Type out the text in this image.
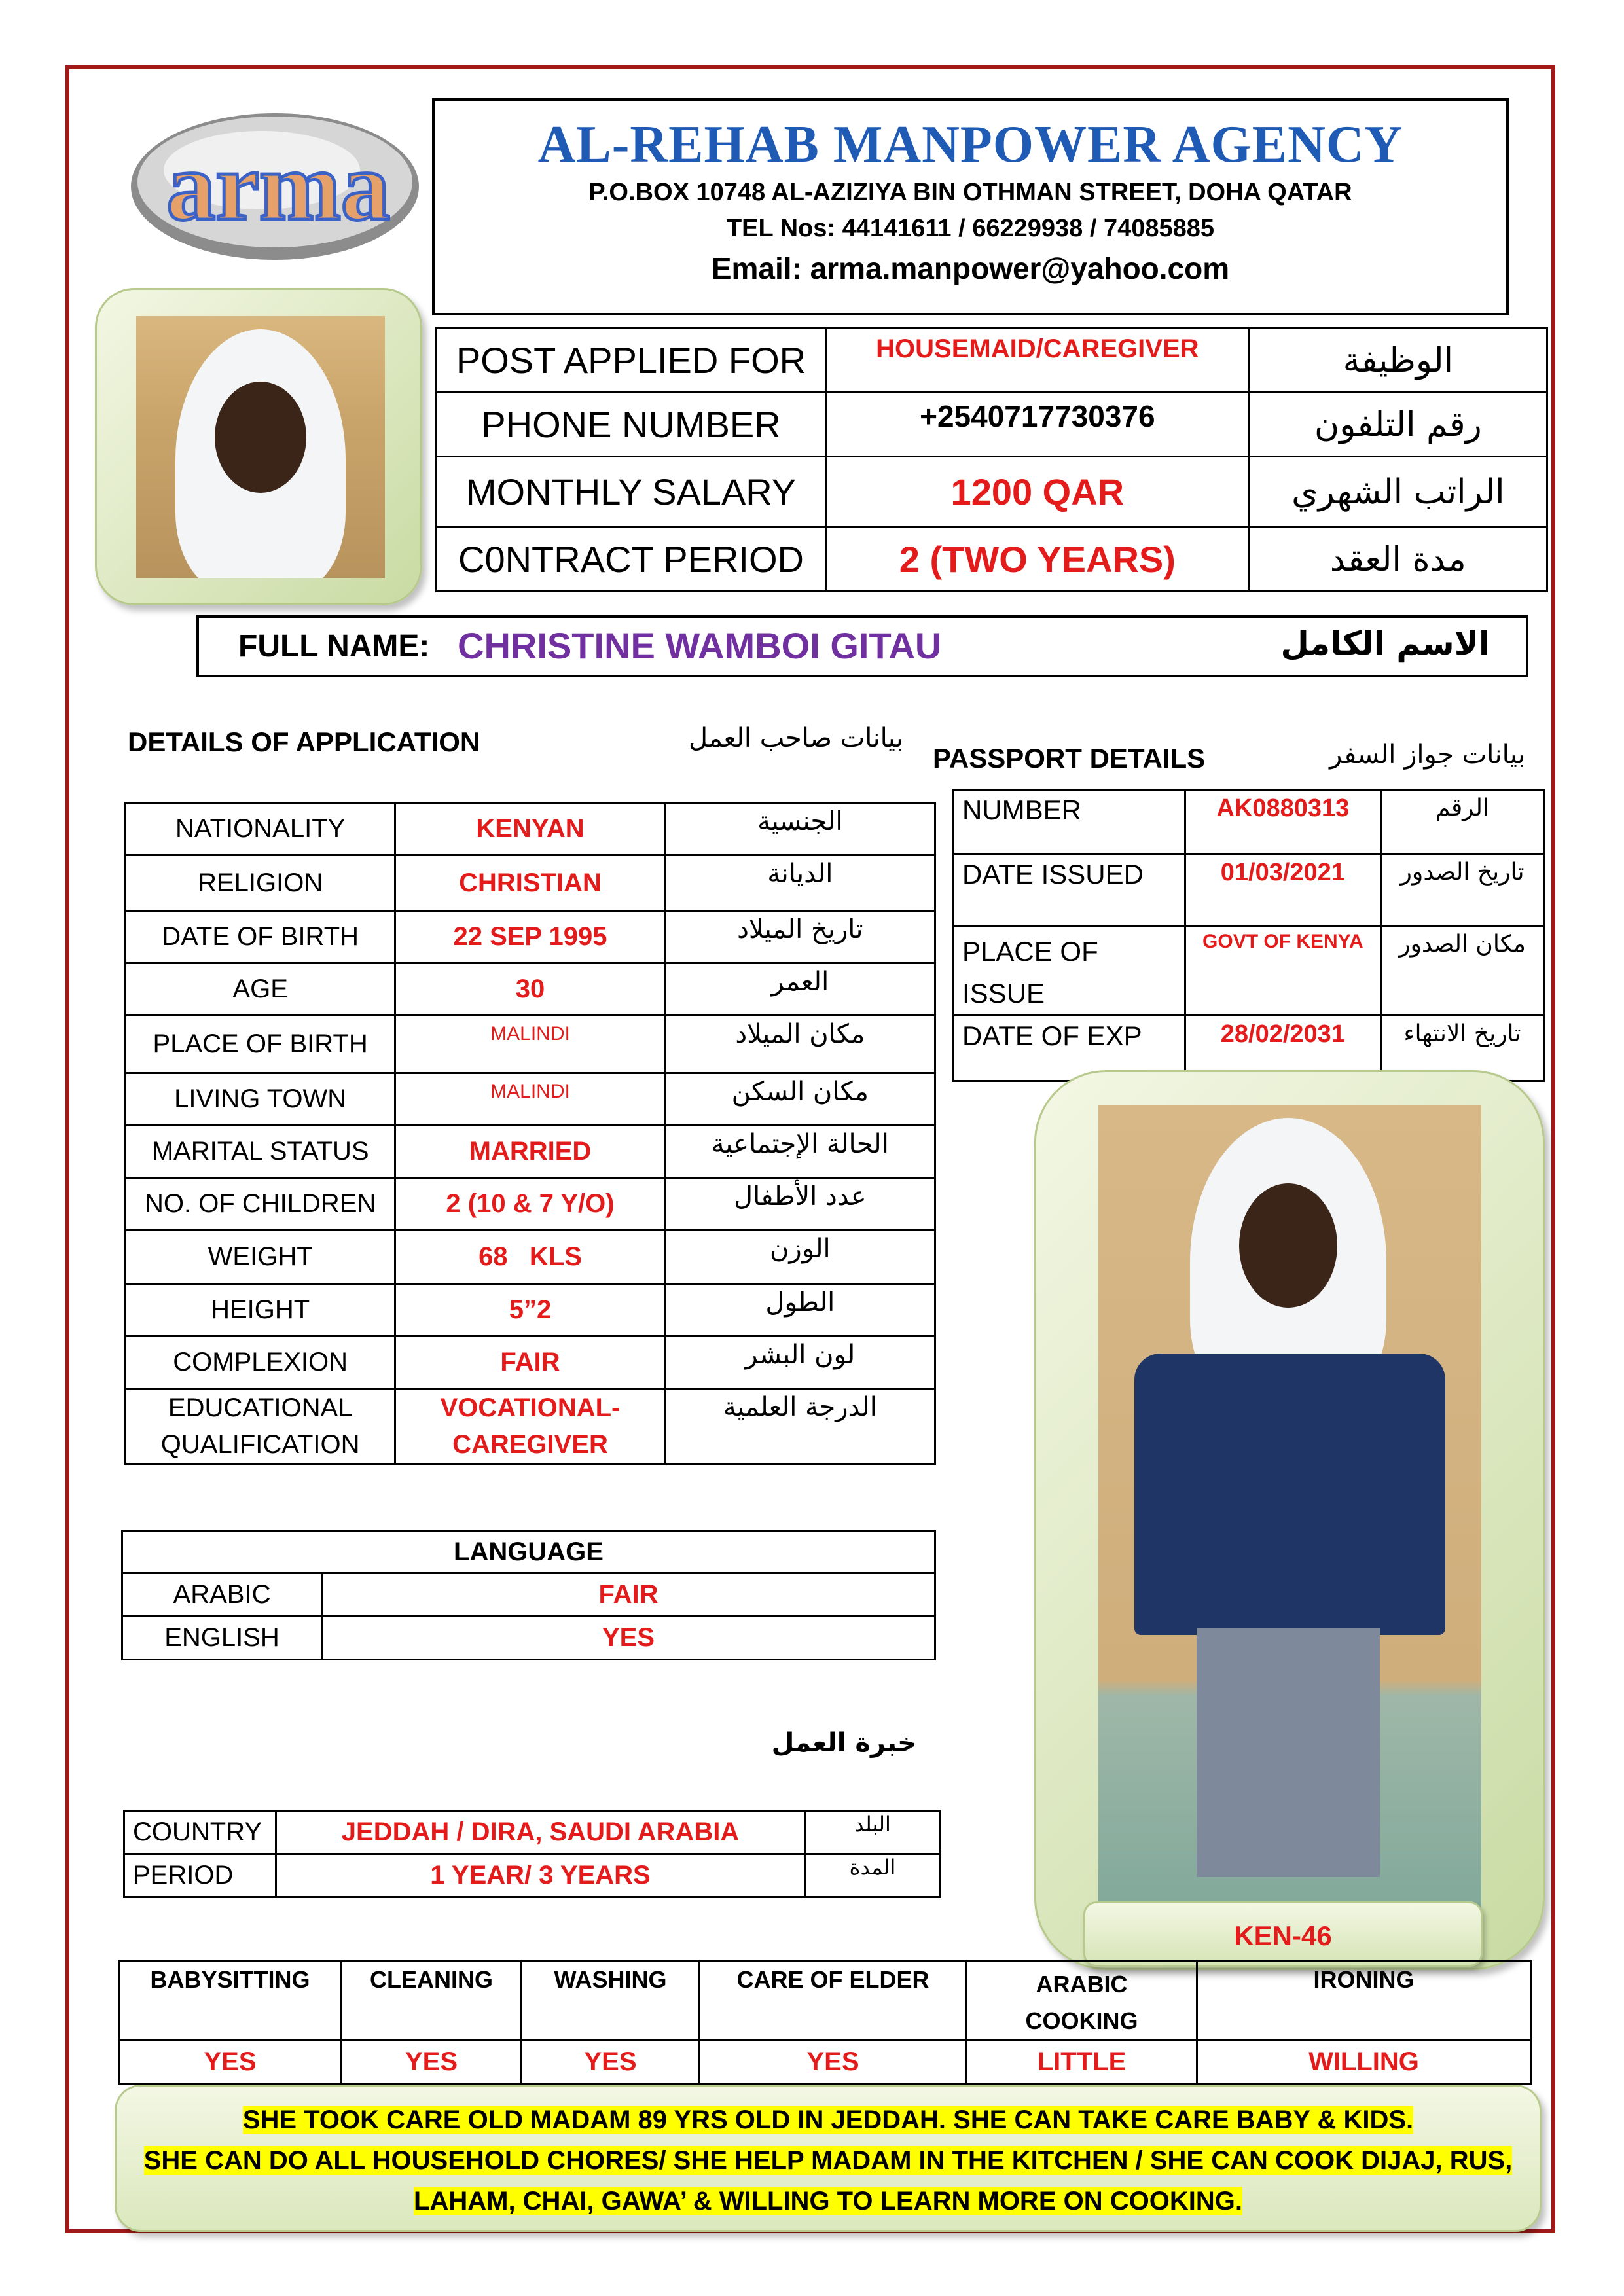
arma	AL-REHAB MANPOWER AGENCY
P.O.BOX 10748 AL-AZIZIYA BIN OTHMAN STREET, DOHA QATAR
TEL Nos: 44141611 / 66229938 / 74085885
Email: arma.manpower@yahoo.com
POST APPLIED FOR	HOUSEMAID/CAREGIVER	الوظيفة
PHONE NUMBER	+2540717730376	رقم التلفون
MONTHLY SALARY	1200 QAR	الراتب الشهري
C0NTRACT PERIOD	2 (TWO YEARS)	مدة العقد
FULL NAME: CHRISTINE WAMBOI GITAU	الاسم الكامل
DETAILS OF APPLICATION	بيانات صاحب العمل
PASSPORT DETAILS	بيانات جواز السفر
NATIONALITY	KENYAN	الجنسية
RELIGION	CHRISTIAN	الديانة
DATE OF BIRTH	22 SEP 1995	تاريخ الميلاد
AGE	30	العمر
PLACE OF BIRTH	MALINDI	مكان الميلاد
LIVING TOWN	MALINDI	مكان السكن
MARITAL STATUS	MARRIED	الحالة الإجتماعية
NO. OF CHILDREN	2 (10 & 7 Y/O)	عدد الأطفال
WEIGHT	68   KLS	الوزن
HEIGHT	5”2	الطول
COMPLEXION	FAIR	لون البشر
EDUCATIONAL QUALIFICATION	VOCATIONAL-CAREGIVER	الدرجة العلمية
NUMBER	AK0880313	الرقم
DATE ISSUED	01/03/2021	تاريخ الصدور
PLACE OF ISSUE	GOVT OF KENYA	مكان الصدور
DATE OF EXP	28/02/2031	تاريخ الانتهاء
KEN-46
LANGUAGE	
ARABIC	FAIR
ENGLISH	YES
خبرة العمل
COUNTRY	JEDDAH / DIRA, SAUDI ARABIA	البلد
PERIOD	1 YEAR/ 3 YEARS	المدة
BABYSITTING	CLEANING	WASHING	CARE OF ELDER	ARABIC COOKING	IRONING
YES	YES	YES	YES	LITTLE	WILLING
SHE TOOK CARE OLD MADAM 89 YRS OLD IN JEDDAH. SHE CAN TAKE CARE BABY & KIDS.
SHE CAN DO ALL HOUSEHOLD CHORES/ SHE HELP MADAM IN THE KITCHEN / SHE CAN COOK DIJAJ, RUS,
LAHAM, CHAI, GAWA’ & WILLING TO LEARN MORE ON COOKING.
